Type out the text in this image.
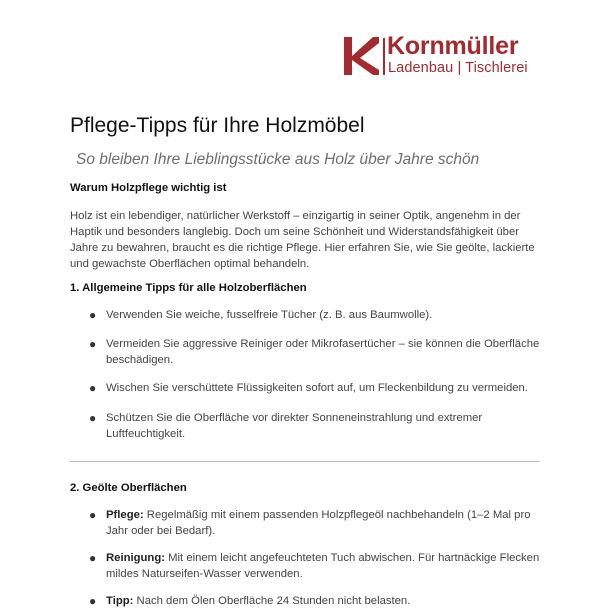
Kornmüller
Ladenbau | Tischlerei
Pflege-Tipps für Ihre Holzmöbel

So bleiben Ihre Lieblingsstücke aus Holz über Jahre schön

Warum Holzpflege wichtig ist

Holz ist ein lebendiger, natürlicher Werkstoff – einzigartig in seiner Optik, angenehm in der Haptik und besonders langlebig. Doch um seine Schönheit und Widerstandsfähigkeit über Jahre zu bewahren, braucht es die richtige Pflege. Hier erfahren Sie, wie Sie geölte, lackierte und gewachste Oberflächen optimal behandeln.

1. Allgemeine Tipps für alle Holzoberflächen
● Verwenden Sie weiche, fusselfreie Tücher (z. B. aus Baumwolle).

● Vermeiden Sie aggressive Reiniger oder Mikrofasertücher – sie können die Oberfläche beschädigen.

● Wischen Sie verschüttete Flüssigkeiten sofort auf, um Fleckenbildung zu vermeiden.

● Schützen Sie die Oberfläche vor direkter Sonneneinstrahlung und extremer Luftfeuchtigkeit.

2. Geölte Oberflächen
● Pflege: Regelmäßig mit einem passenden Holzpflegeöl nachbehandeln (1–2 Mal pro Jahr oder bei Bedarf).

● Reinigung: Mit einem leicht angefeuchteten Tuch abwischen. Für hartnäckige Flecken mildes Naturseifen-Wasser verwenden.

● Tipp: Nach dem Ölen Oberfläche 24 Stunden nicht belasten.
